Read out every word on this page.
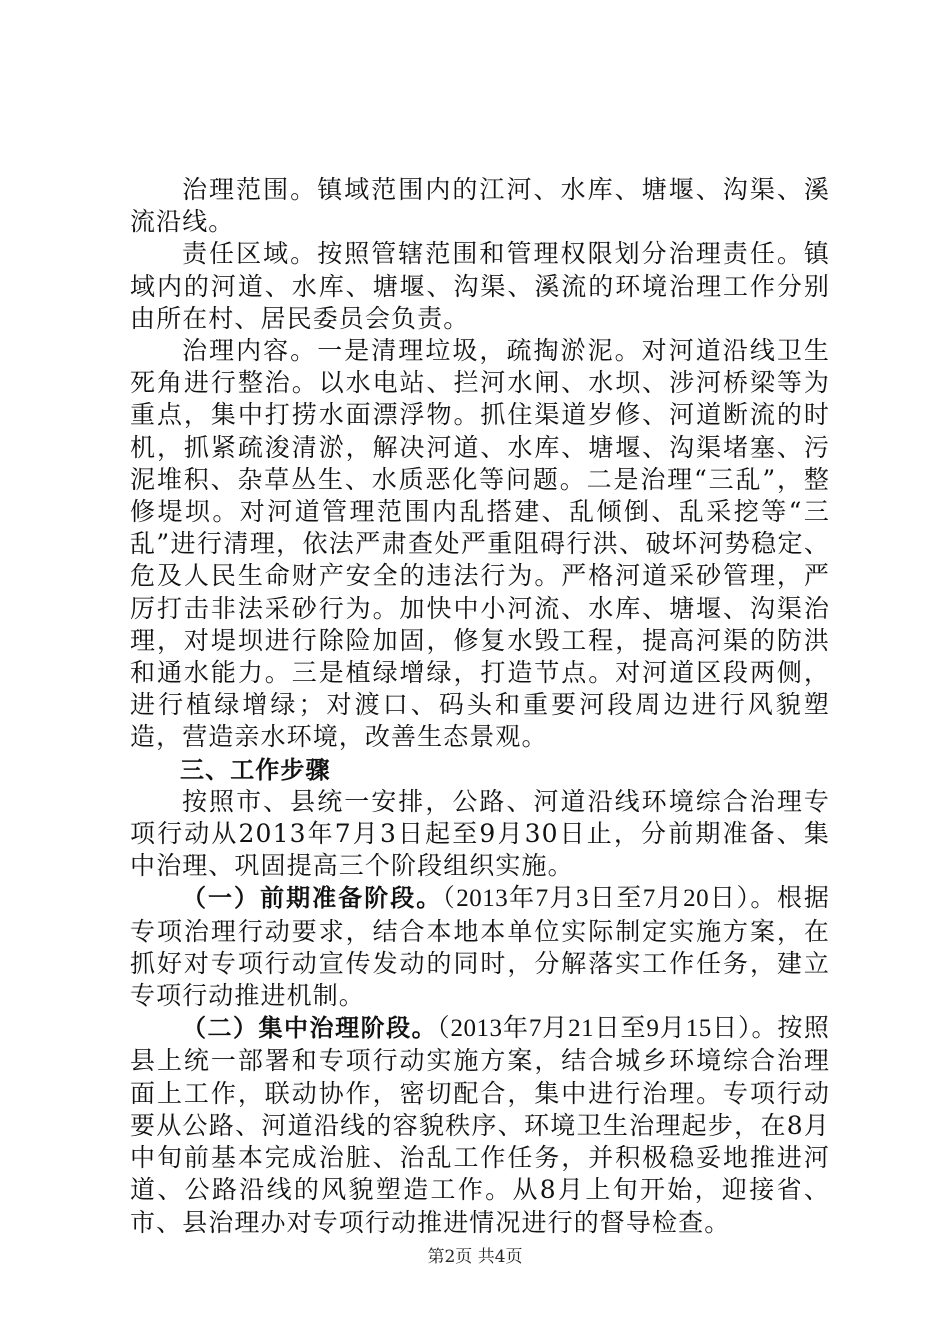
治理范围。镇域范围内的江河、水库、塘堰、沟渠、溪流沿线。

责任区域。按照管辖范围和管理权限划分治理责任。镇域内的河道、水库、塘堰、沟渠、溪流的环境治理工作分别由所在村、居民委员会负责。

治理内容。一是清理垃圾，疏掏淤泥。对河道沿线卫生死角进行整治。以水电站、拦河水闸、水坝、涉河桥梁等为重点，集中打捞水面漂浮物。抓住渠道岁修、河道断流的时机，抓紧疏浚清淤，解决河道、水库、塘堰、沟渠堵塞、污泥堆积、杂草丛生、水质恶化等问题。二是治理“三乱”，整修堤坝。对河道管理范围内乱搭建、乱倾倒、乱采挖等“三乱”进行清理，依法严肃查处严重阻碍行洪、破坏河势稳定、危及人民生命财产安全的违法行为。严格河道采砂管理，严厉打击非法采砂行为。加快中小河流、水库、塘堰、沟渠治理，对堤坝进行除险加固，修复水毁工程，提高河渠的防洪和通水能力。三是植绿增绿，打造节点。对河道区段两侧，进行植绿增绿；对渡口、码头和重要河段周边进行风貌塑造，营造亲水环境，改善生态景观。

三、工作步骤

按照市、县统一安排，公路、河道沿线环境综合治理专项行动从2013年7月3日起至9月30日止，分前期准备、集中治理、巩固提高三个阶段组织实施。

（一）前期准备阶段。（2013年7月3日至7月20日）。根据专项治理行动要求，结合本地本单位实际制定实施方案，在抓好对专项行动宣传发动的同时，分解落实工作任务，建立专项行动推进机制。

（二）集中治理阶段。（2013年7月21日至9月15日）。按照县上统一部署和专项行动实施方案，结合城乡环境综合治理面上工作，联动协作，密切配合，集中进行治理。专项行动要从公路、河道沿线的容貌秩序、环境卫生治理起步，在8月中旬前基本完成治脏、治乱工作任务，并积极稳妥地推进河道、公路沿线的风貌塑造工作。从8月上旬开始，迎接省、市、县治理办对专项行动推进情况进行的督导检查。

第2页 共4页
